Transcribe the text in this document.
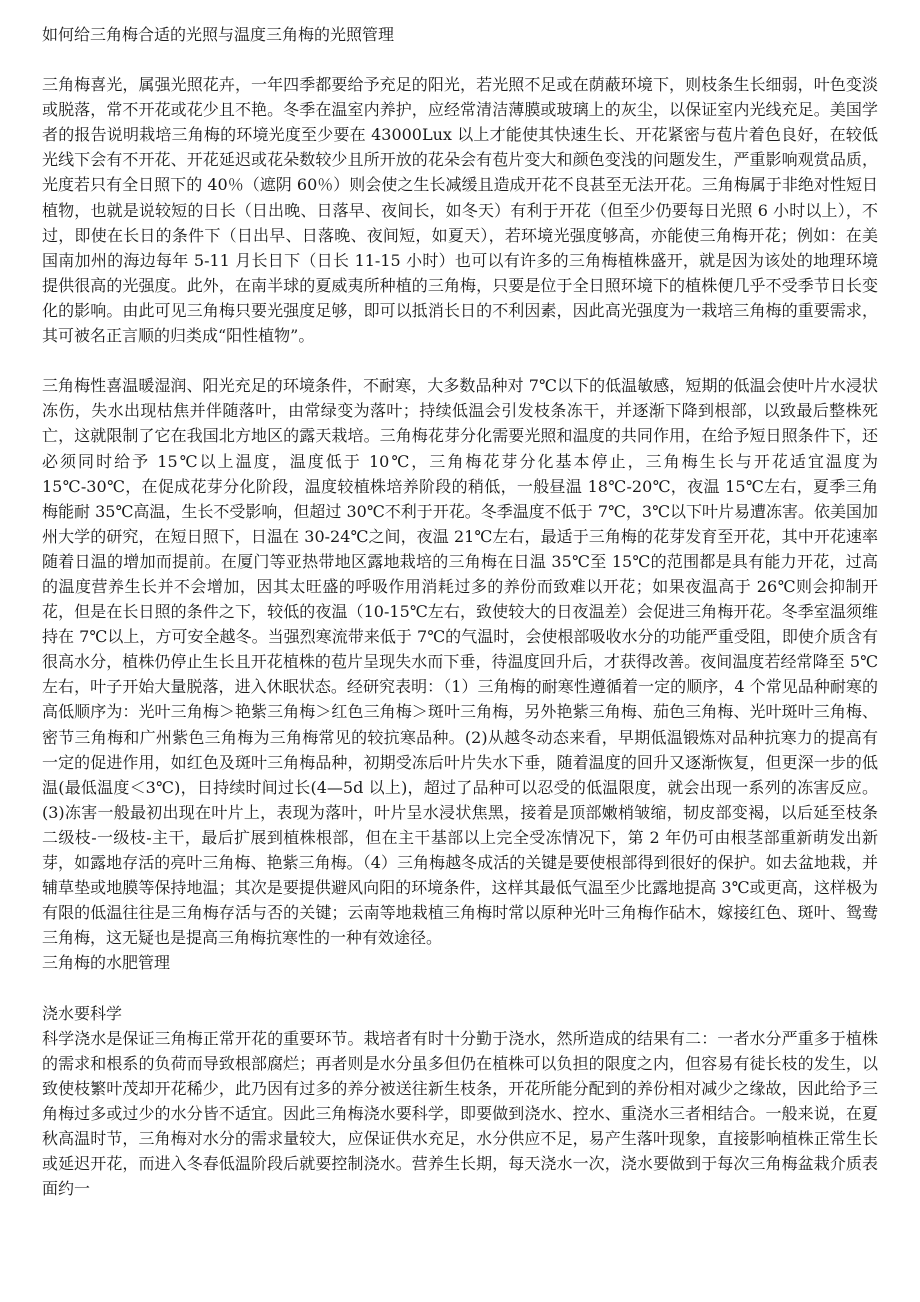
如何给三角梅合适的光照与温度三角梅的光照管理

三角梅喜光，属强光照花卉，一年四季都要给予充足的阳光，若光照不足或在荫蔽环境下，则枝条生长细弱，叶色变淡或脱落，常不开花或花少且不艳。冬季在温室内养护，应经常清洁薄膜或玻璃上的灰尘，以保证室内光线充足。美国学者的报告说明栽培三角梅的环境光度至少要在 43000Lux 以上才能使其快速生长、开花紧密与苞片着色良好，在较低光线下会有不开花、开花延迟或花朵数较少且所开放的花朵会有苞片变大和颜色变浅的问题发生，严重影响观赏品质，光度若只有全日照下的 40％（遮阴 60％）则会使之生长减缓且造成开花不良甚至无法开花。三角梅属于非绝对性短日植物，也就是说较短的日长（日出晚、日落早、夜间长，如冬天）有利于开花（但至少仍要每日光照 6 小时以上），不过，即使在长日的条件下（日出早、日落晚、夜间短，如夏天），若环境光强度够高，亦能使三角梅开花；例如：在美国南加州的海边每年 5-11 月长日下（日长 11-15 小时）也可以有许多的三角梅植株盛开，就是因为该处的地理环境提供很高的光强度。此外，在南半球的夏威夷所种植的三角梅，只要是位于全日照环境下的植株便几乎不受季节日长变化的影响。由此可见三角梅只要光强度足够，即可以抵消长日的不利因素，因此高光强度为一栽培三角梅的重要需求，其可被名正言顺的归类成“阳性植物”。

三角梅性喜温暖湿润、阳光充足的环境条件，不耐寒，大多数品种对 7℃以下的低温敏感，短期的低温会使叶片水浸状冻伤，失水出现枯焦并伴随落叶，由常绿变为落叶；持续低温会引发枝条冻干，并逐渐下降到根部，以致最后整株死亡，这就限制了它在我国北方地区的露天栽培。三角梅花芽分化需要光照和温度的共同作用，在给予短日照条件下，还必须同时给予 15℃以上温度，温度低于 10℃，三角梅花芽分化基本停止，三角梅生长与开花适宜温度为 15℃-30℃，在促成花芽分化阶段，温度较植株培养阶段的稍低，一般昼温 18℃-20℃，夜温 15℃左右，夏季三角梅能耐 35℃高温，生长不受影响，但超过 30℃不利于开花。冬季温度不低于 7℃，3℃以下叶片易遭冻害。依美国加州大学的研究，在短日照下，日温在 30-24℃之间，夜温 21℃左右，最适于三角梅的花芽发育至开花，其中开花速率随着日温的增加而提前。在厦门等亚热带地区露地栽培的三角梅在日温 35℃至 15℃的范围都是具有能力开花，过高的温度营养生长并不会增加，因其太旺盛的呼吸作用消耗过多的养份而致难以开花；如果夜温高于 26℃则会抑制开花，但是在长日照的条件之下，较低的夜温（10-15℃左右，致使较大的日夜温差）会促进三角梅开花。冬季室温须维持在 7℃以上，方可安全越冬。当强烈寒流带来低于 7℃的气温时，会使根部吸收水分的功能严重受阻，即使介质含有很高水分，植株仍停止生长且开花植株的苞片呈现失水而下垂，待温度回升后，才获得改善。夜间温度若经常降至 5℃左右，叶子开始大量脱落，进入休眠状态。经研究表明：（1）三角梅的耐寒性遵循着一定的顺序，4 个常见品种耐寒的高低顺序为：光叶三角梅＞艳紫三角梅＞红色三角梅＞斑叶三角梅，另外艳紫三角梅、茄色三角梅、光叶斑叶三角梅、密节三角梅和广州紫色三角梅为三角梅常见的较抗寒品种。(2)从越冬动态来看，早期低温锻炼对品种抗寒力的提高有一定的促进作用，如红色及斑叶三角梅品种，初期受冻后叶片失水下垂，随着温度的回升又逐渐恢复，但更深一步的低温(最低温度＜3℃)，日持续时间过长(4—5d 以上)，超过了品种可以忍受的低温限度，就会出现一系列的冻害反应。(3)冻害一般最初出现在叶片上，表现为落叶，叶片呈水浸状焦黑，接着是顶部嫩梢皱缩，韧皮部变褐，以后延至枝条二级枝-一级枝-主干，最后扩展到植株根部，但在主干基部以上完全受冻情况下，第 2 年仍可由根茎部重新萌发出新芽，如露地存活的亮叶三角梅、艳紫三角梅。（4）三角梅越冬成活的关键是要使根部得到很好的保护。如去盆地栽，并辅草垫或地膜等保持地温；其次是要提供避风向阳的环境条件，这样其最低气温至少比露地提高 3℃或更高，这样极为有限的低温往往是三角梅存活与否的关键；云南等地栽植三角梅时常以原种光叶三角梅作砧木，嫁接红色、斑叶、鸳鸯三角梅，这无疑也是提高三角梅抗寒性的一种有效途径。

三角梅的水肥管理
浇水要科学

科学浇水是保证三角梅正常开花的重要环节。栽培者有时十分勤于浇水，然所造成的结果有二：一者水分严重多于植株的需求和根系的负荷而导致根部腐烂；再者则是水分虽多但仍在植株可以负担的限度之内，但容易有徒长枝的发生，以致使枝繁叶茂却开花稀少，此乃因有过多的养分被送往新生枝条，开花所能分配到的养份相对减少之缘故，因此给予三角梅过多或过少的水分皆不适宜。因此三角梅浇水要科学，即要做到浇水、控水、重浇水三者相结合。一般来说，在夏秋高温时节，三角梅对水分的需求量较大，应保证供水充足，水分供应不足，易产生落叶现象，直接影响植株正常生长或延迟开花，而进入冬春低温阶段后就要控制浇水。营养生长期，每天浇水一次，浇水要做到于每次三角梅盆栽介质表面约一
